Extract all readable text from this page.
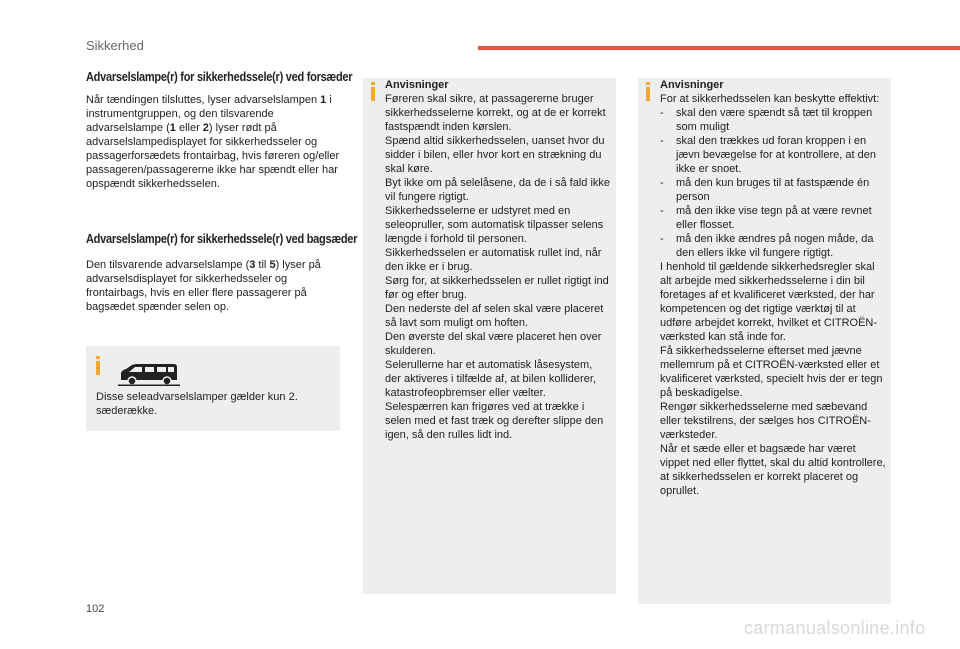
Sikkerhed
Advarselslampe(r) for sikkerhedssele(r) ved forsæder

Når tændingen tilsluttes, lyser advarselslampen 1 i instrumentgruppen, og den tilsvarende advarselslampe (1 eller 2) lyser rødt på advarselslampedisplayet for sikkerhedsseler og passagerforsædets frontairbag, hvis føreren og/eller passageren/passagererne ikke har spændt eller har opspændt sikkerhedsselen.

Advarselslampe(r) for sikkerhedssele(r) ved bagsæder

Den tilsvarende advarselslampe (3 til 5) lyser på advarselsdisplayet for sikkerhedsseler og frontairbags, hvis en eller flere passagerer på bagsædet spænder selen op.

Disse seleadvarselslamper gælder kun 2. sæderække.
Anvisninger
Føreren skal sikre, at passagererne bruger sikkerhedsselerne korrekt, og at de er korrekt fastspændt inden kørslen.
Spænd altid sikkerhedsselen, uanset hvor du sidder i bilen, eller hvor kort en strækning du skal køre.
Byt ikke om på selelåsene, da de i så fald ikke vil fungere rigtigt.
Sikkerhedsselerne er udstyret med en seleopruller, som automatisk tilpasser selens længde i forhold til personen.
Sikkerhedsselen er automatisk rullet ind, når den ikke er i brug.
Sørg for, at sikkerhedsselen er rullet rigtigt ind før og efter brug.
Den nederste del af selen skal være placeret så lavt som muligt om hoften.
Den øverste del skal være placeret hen over skulderen.
Selerullerne har et automatisk låsesystem, der aktiveres i tilfælde af, at bilen kolliderer, katastrofeopbremser eller vælter. Selespærren kan frigøres ved at trække i selen med et fast træk og derefter slippe den igen, så den rulles lidt ind.
Anvisninger
For at sikkerhedsselen kan beskytte effektivt:
- skal den være spændt så tæt til kroppen som muligt
- skal den trækkes ud foran kroppen i en jævn bevægelse for at kontrollere, at den ikke er snoet.
- må den kun bruges til at fastspænde én person
- må den ikke vise tegn på at være revnet eller flosset.
- må den ikke ændres på nogen måde, da den ellers ikke vil fungere rigtigt.
I henhold til gældende sikkerhedsregler skal alt arbejde med sikkerhedsselerne i din bil foretages af et kvalificeret værksted, der har kompetencen og det rigtige værktøj til at udføre arbejdet korrekt, hvilket et CITROËN-værksted kan stå inde for.
Få sikkerhedsselerne efterset med jævne mellemrum på et CITROËN-værksted eller et kvalificeret værksted, specielt hvis der er tegn på beskadigelse.
Rengør sikkerhedsselerne med sæbevand eller tekstilrens, der sælges hos CITROËN-værksteder.
Når et sæde eller et bagsæde har været vippet ned eller flyttet, skal du altid kontrollere, at sikkerhedsselen er korrekt placeret og oprullet.
102
carmanualsonline.info
